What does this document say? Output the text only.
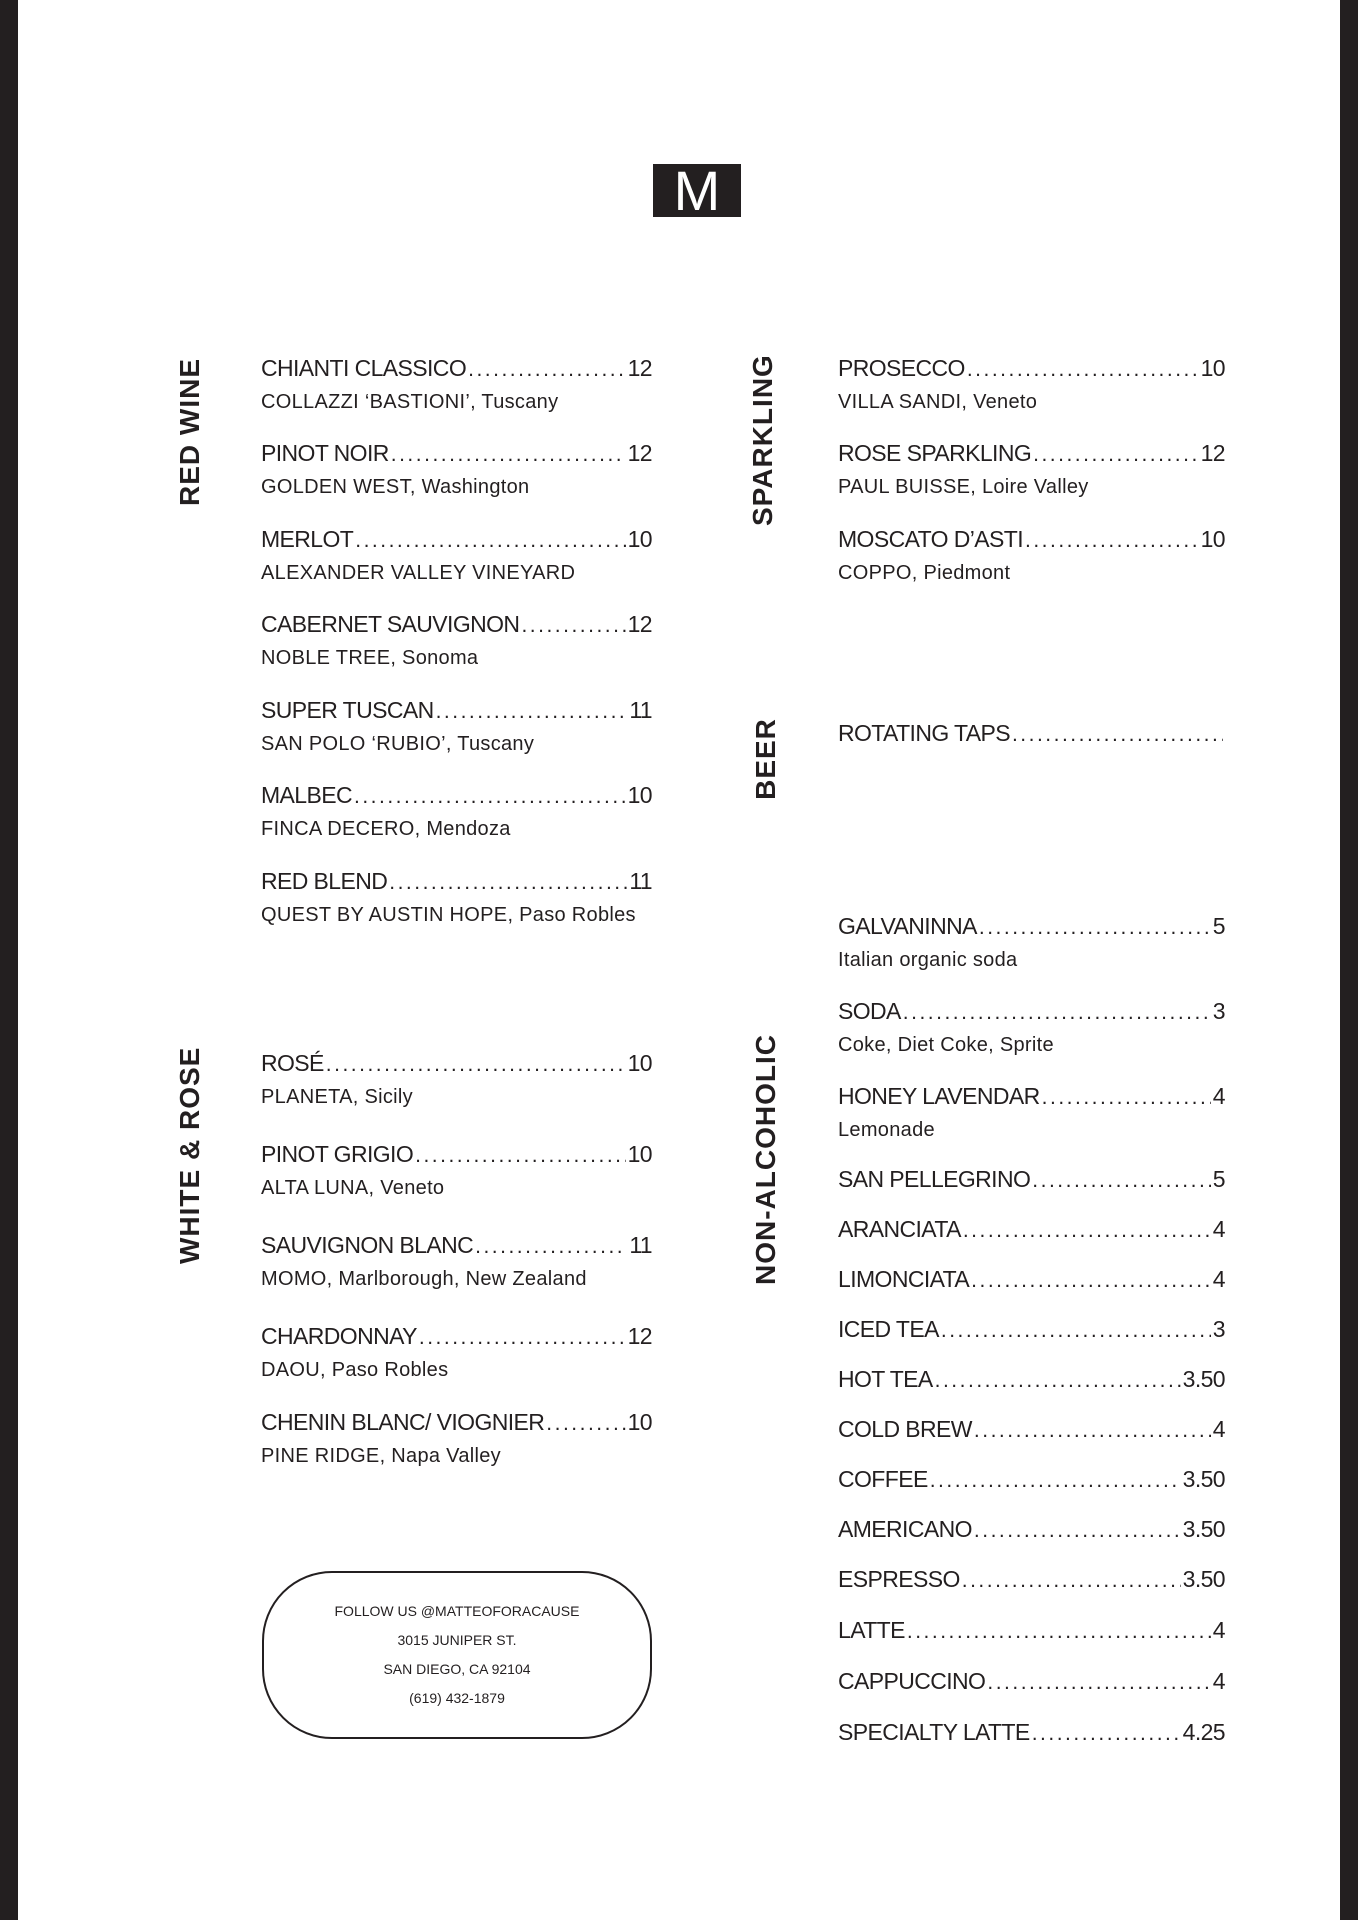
M
RED WINE
WHITE & ROSE
SPARKLING
BEER
NON-ALCOHOLIC
CHIANTI CLASSICO .....	12
COLLAZZI ‘BASTIONI’, Tuscany
PINOT NOIR .....	12
GOLDEN WEST, Washington
MERLOT .....	10
ALEXANDER VALLEY VINEYARD
CABERNET SAUVIGNON .....	12
NOBLE TREE, Sonoma
SUPER TUSCAN .....	11
SAN POLO ‘RUBIO’, Tuscany
MALBEC .....	10
FINCA DECERO, Mendoza
RED BLEND .....	11
QUEST BY AUSTIN HOPE, Paso Robles
ROSÉ .....	10
PLANETA, Sicily
PINOT GRIGIO .....	10
ALTA LUNA, Veneto
SAUVIGNON BLANC .....	11
MOMO, Marlborough, New Zealand
CHARDONNAY .....	12
DAOU, Paso Robles
CHENIN BLANC/ VIOGNIER .....	10
PINE RIDGE, Napa Valley
PROSECCO .....	10
VILLA SANDI, Veneto
ROSE SPARKLING .....	12
PAUL BUISSE, Loire Valley
MOSCATO D’ASTI .....	10
COPPO, Piedmont
ROTATING TAPS
.....
GALVANINNA .....	5
Italian organic soda
SODA .....	3
Coke, Diet Coke, Sprite
HONEY LAVENDAR .....	4
Lemonade
SAN PELLEGRINO .....	5
ARANCIATA .....	4
LIMONCIATA .....	4
ICED TEA .....	3
HOT TEA .....	3.50
COLD BREW .....	4
COFFEE .....	3.50
AMERICANO .....	3.50
ESPRESSO .....	3.50
LATTE .....	4
CAPPUCCINO .....	4
SPECIALTY LATTE .....	4.25
FOLLOW US @MATTEOFORACAUSE
3015 JUNIPER ST.
SAN DIEGO, CA 92104
(619) 432-1879
